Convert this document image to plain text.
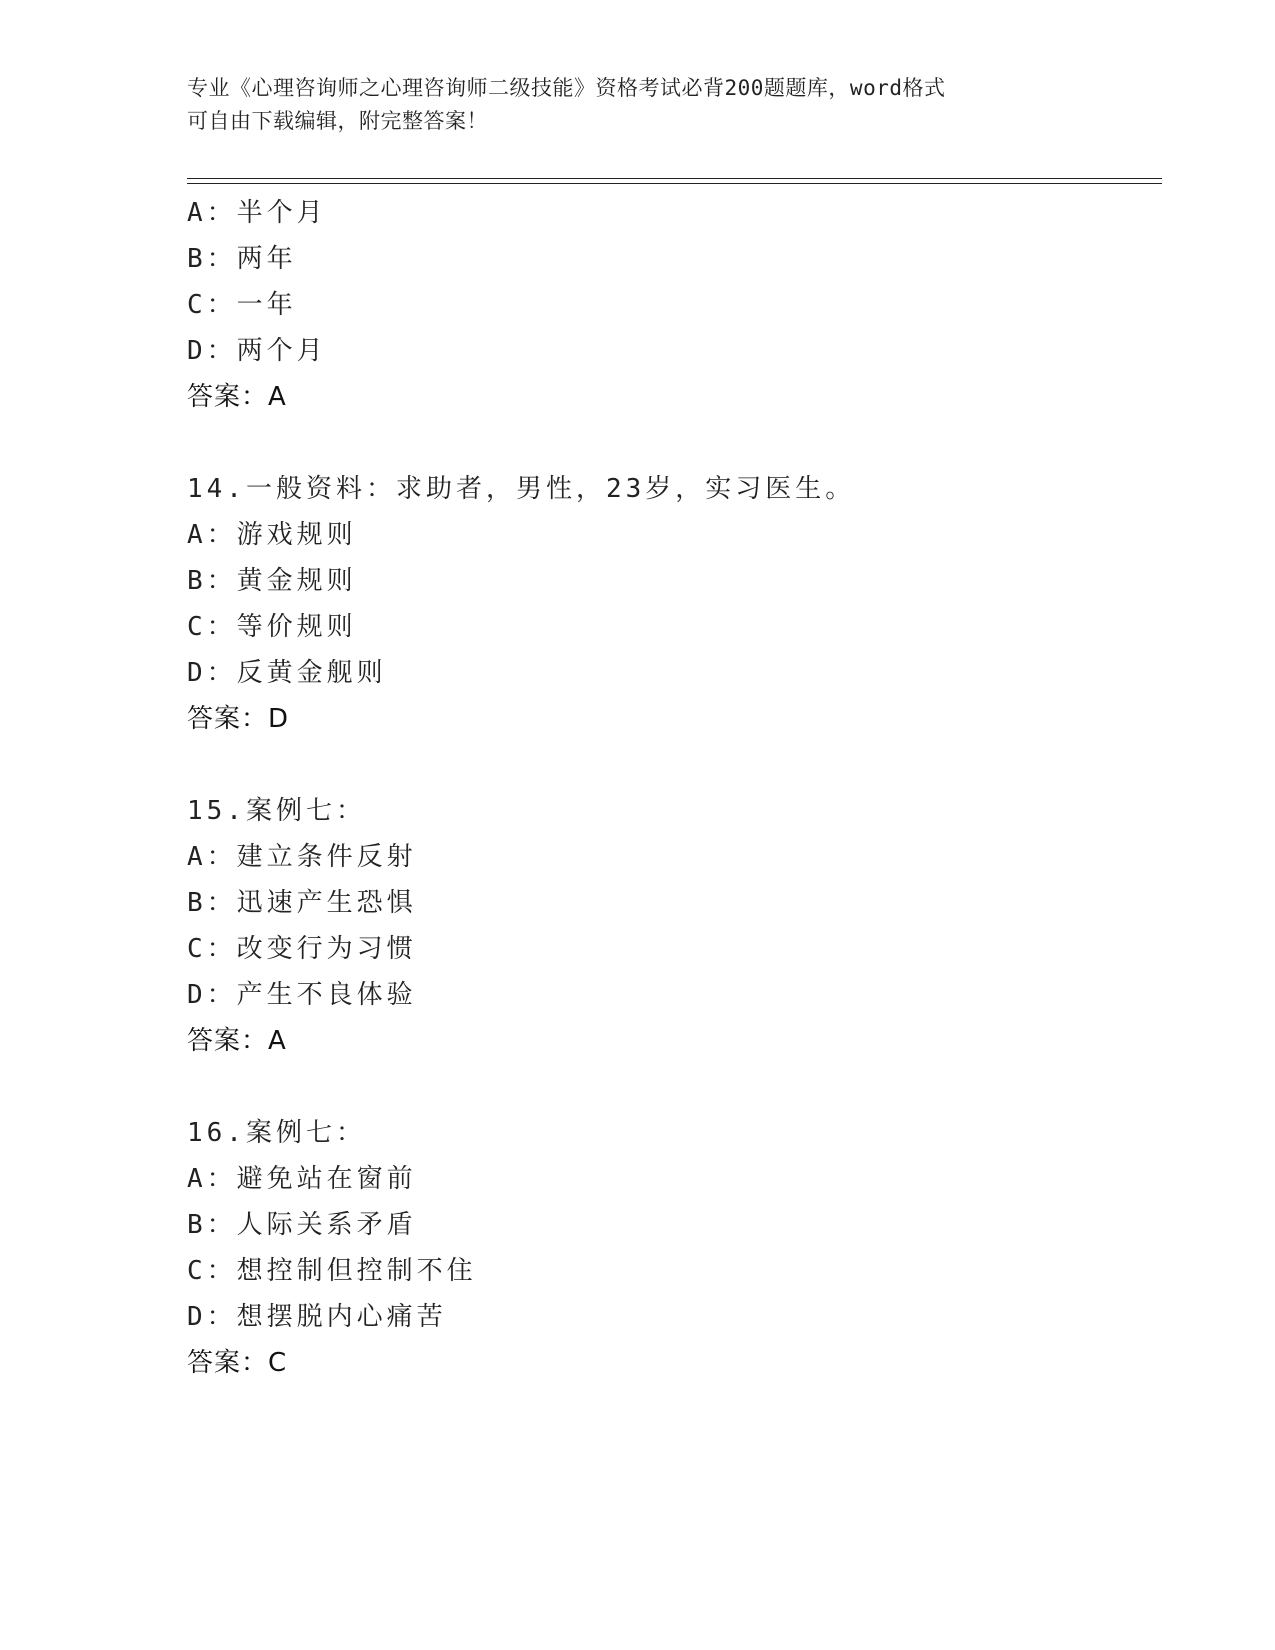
专业《心理咨询师之心理咨询师二级技能》资格考试必背200题题库，word格式
可自由下载编辑，附完整答案！
A：半个月
B：两年
C：一年
D：两个月
答案：A
14.一般资料：求助者，男性，23岁，实习医生。
A：游戏规则
B：黄金规则
C：等价规则
D：反黄金舰则
答案：D
15.案例七：
A：建立条件反射
B：迅速产生恐惧
C：改变行为习惯
D：产生不良体验
答案：A
16.案例七：
A：避免站在窗前
B：人际关系矛盾
C：想控制但控制不住
D：想摆脱内心痛苦
答案：C
